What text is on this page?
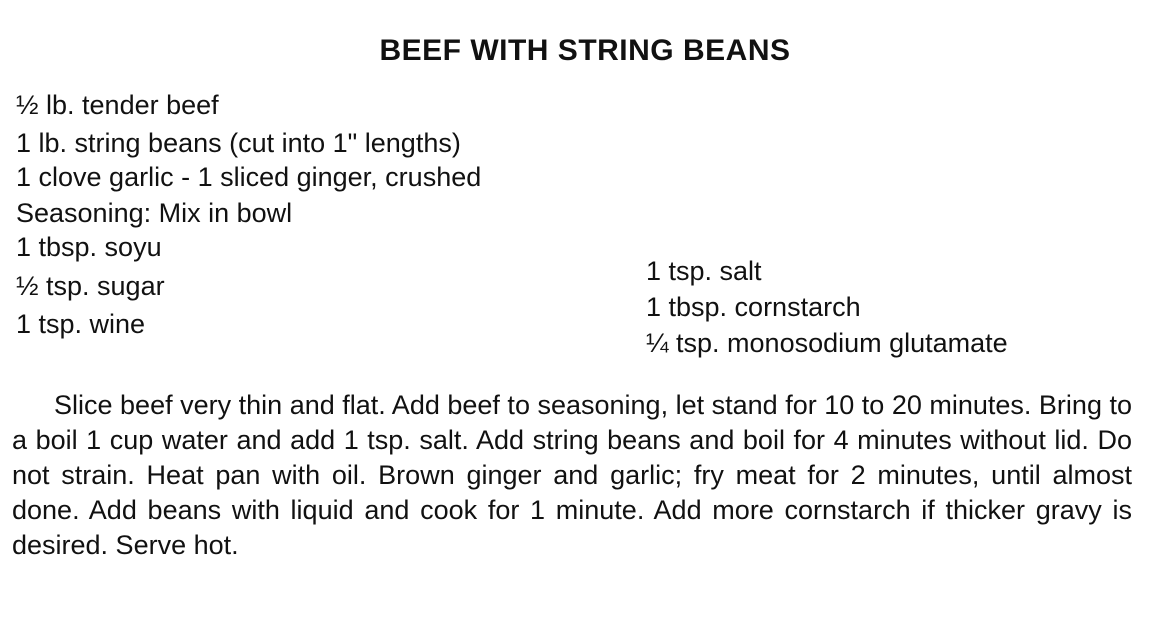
BEEF WITH STRING BEANS
½ lb. tender beef
1 lb. string beans (cut into 1" lengths)
1 clove garlic - 1 sliced ginger, crushed
Seasoning: Mix in bowl
1 tbsp. soyu
½ tsp. sugar
1 tsp. wine
1 tsp. salt
1 tbsp. cornstarch
¼ tsp. monosodium glutamate
Slice beef very thin and flat. Add beef to seasoning, let stand for 10 to 20 minutes. Bring to a boil 1 cup water and add 1 tsp. salt. Add string beans and boil for 4 minutes without lid. Do not strain. Heat pan with oil. Brown ginger and garlic; fry meat for 2 minutes, until almost done. Add beans with liquid and cook for 1 minute. Add more cornstarch if thicker gravy is desired. Serve hot.
